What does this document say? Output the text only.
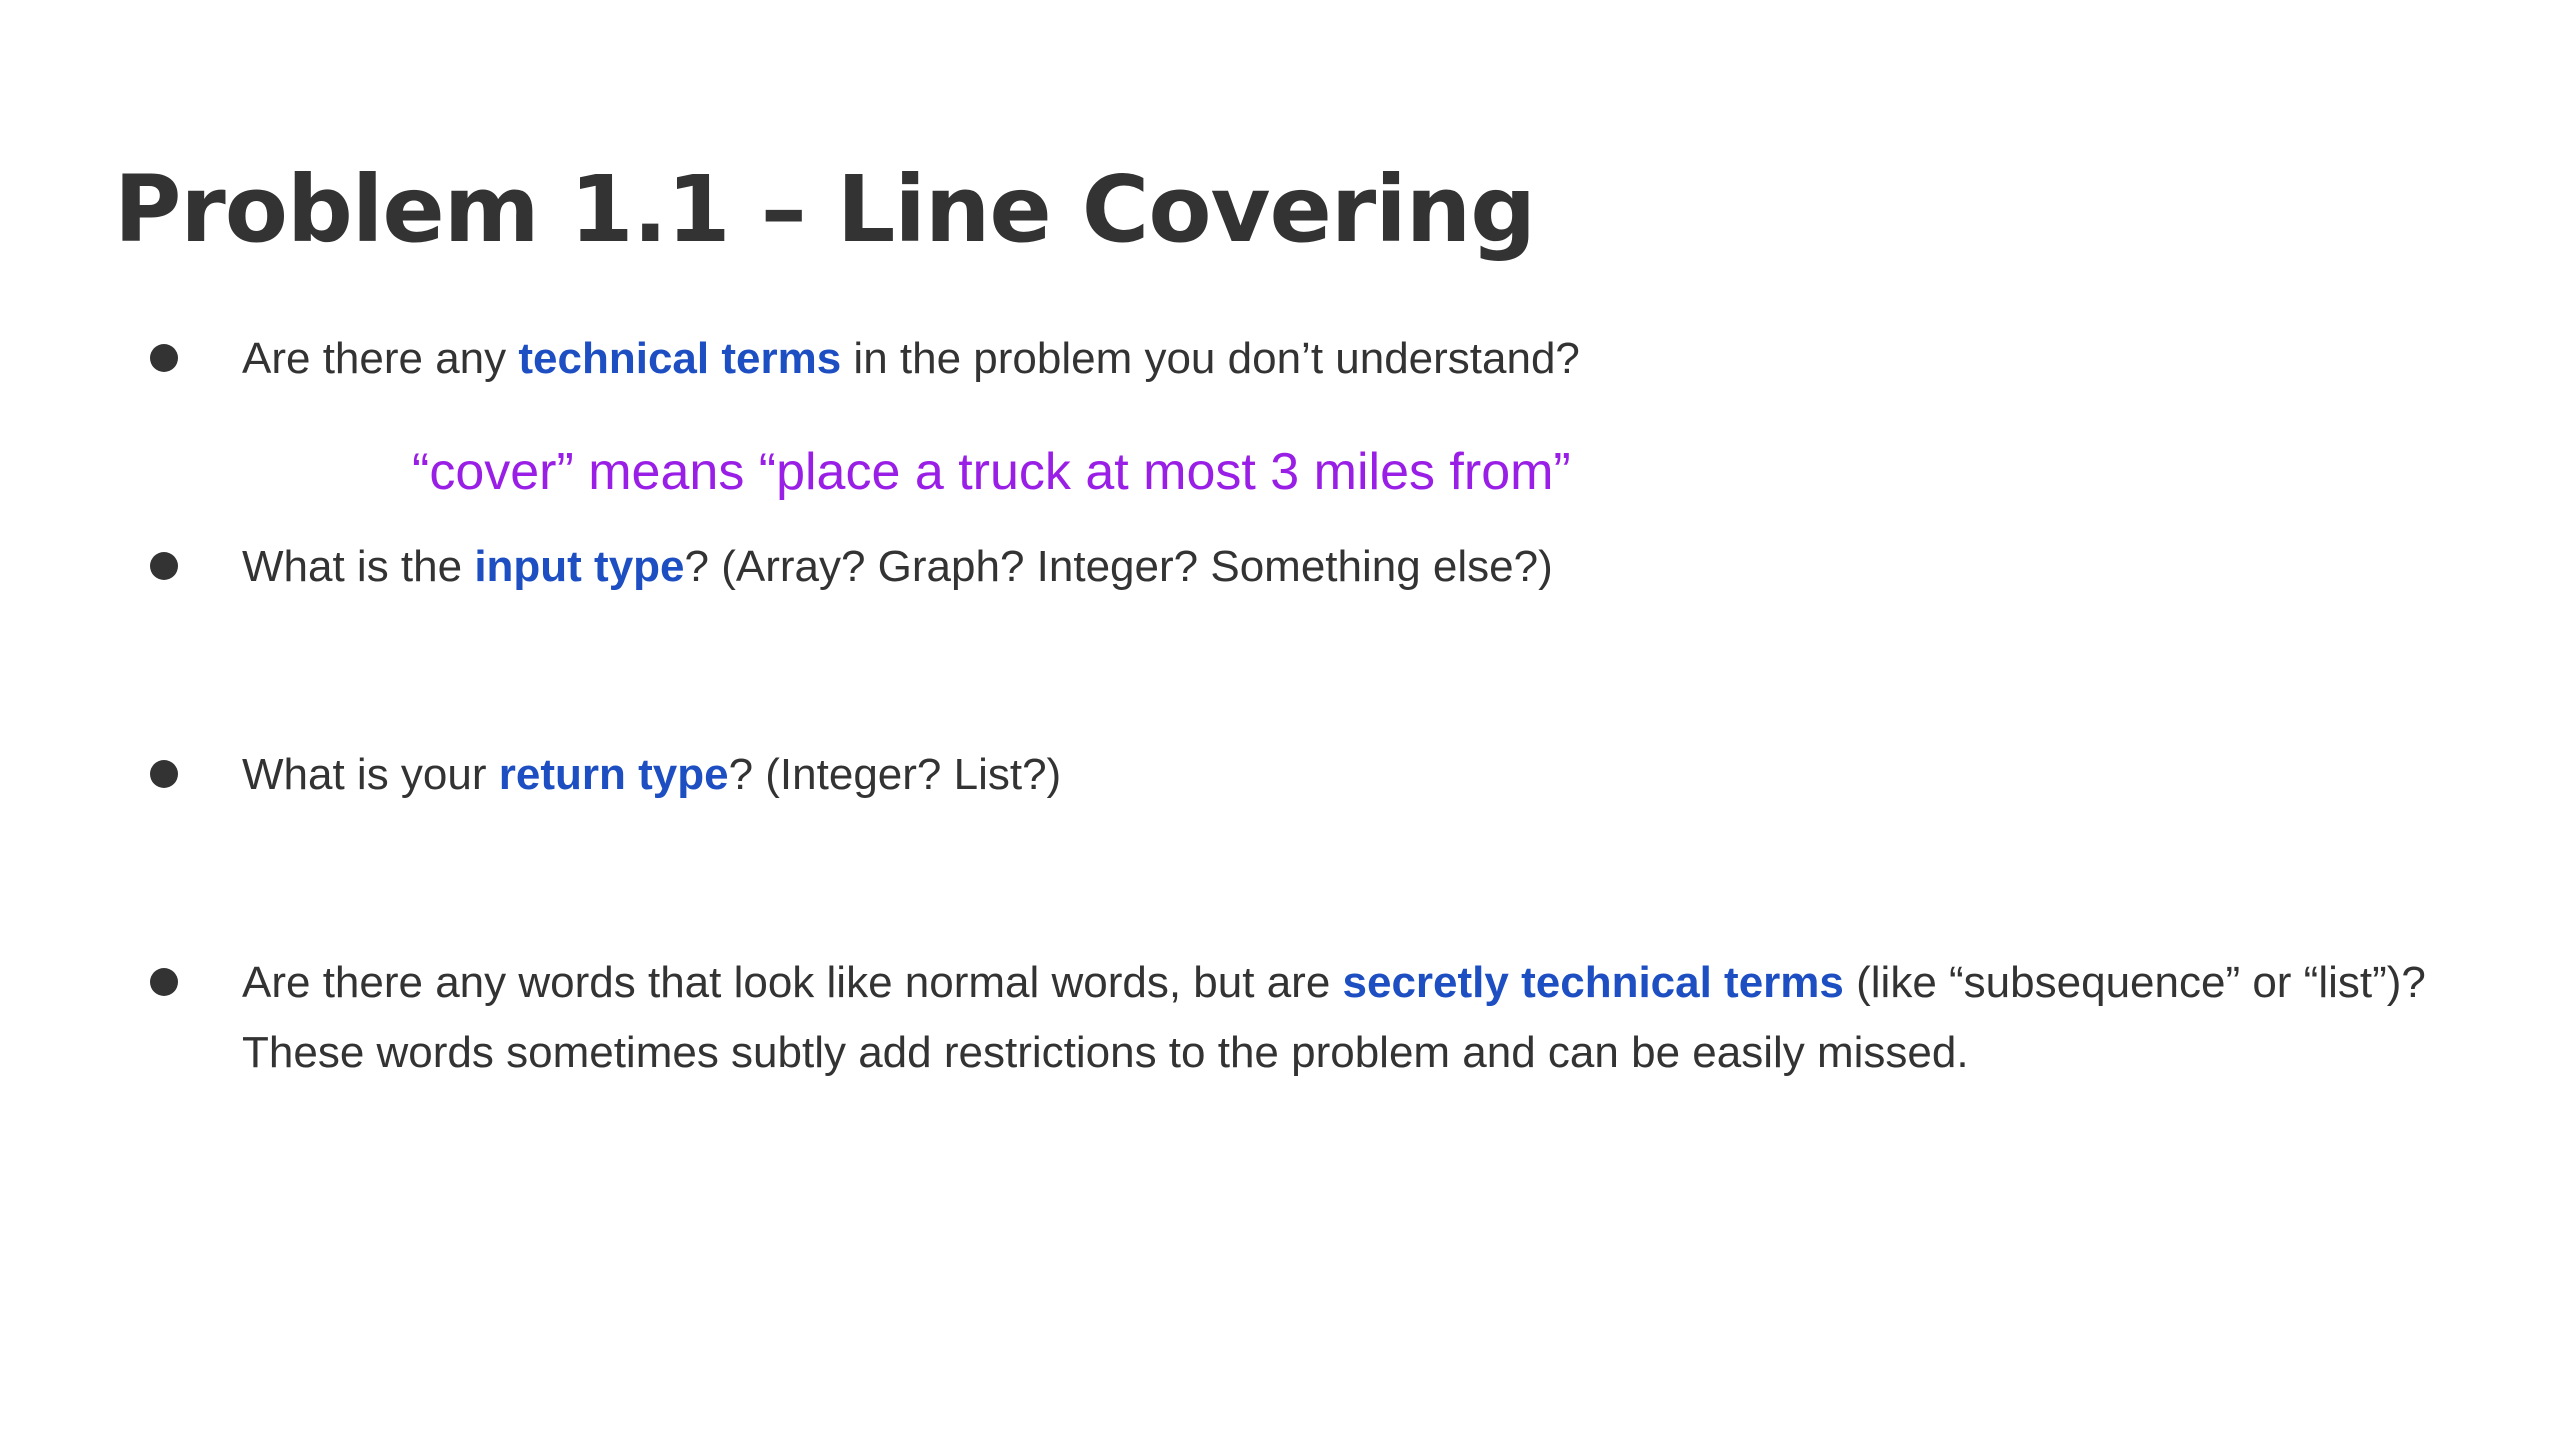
Problem 1.1 – Line Covering
Are there any technical terms in the problem you don’t understand?
“cover” means “place a truck at most 3 miles from”
What is the input type? (Array? Graph? Integer? Something else?)
What is your return type? (Integer? List?)
Are there any words that look like normal words, but are secretly technical terms (like “subsequence” or “list”)? These words sometimes subtly add restrictions to the problem and can be easily missed.
